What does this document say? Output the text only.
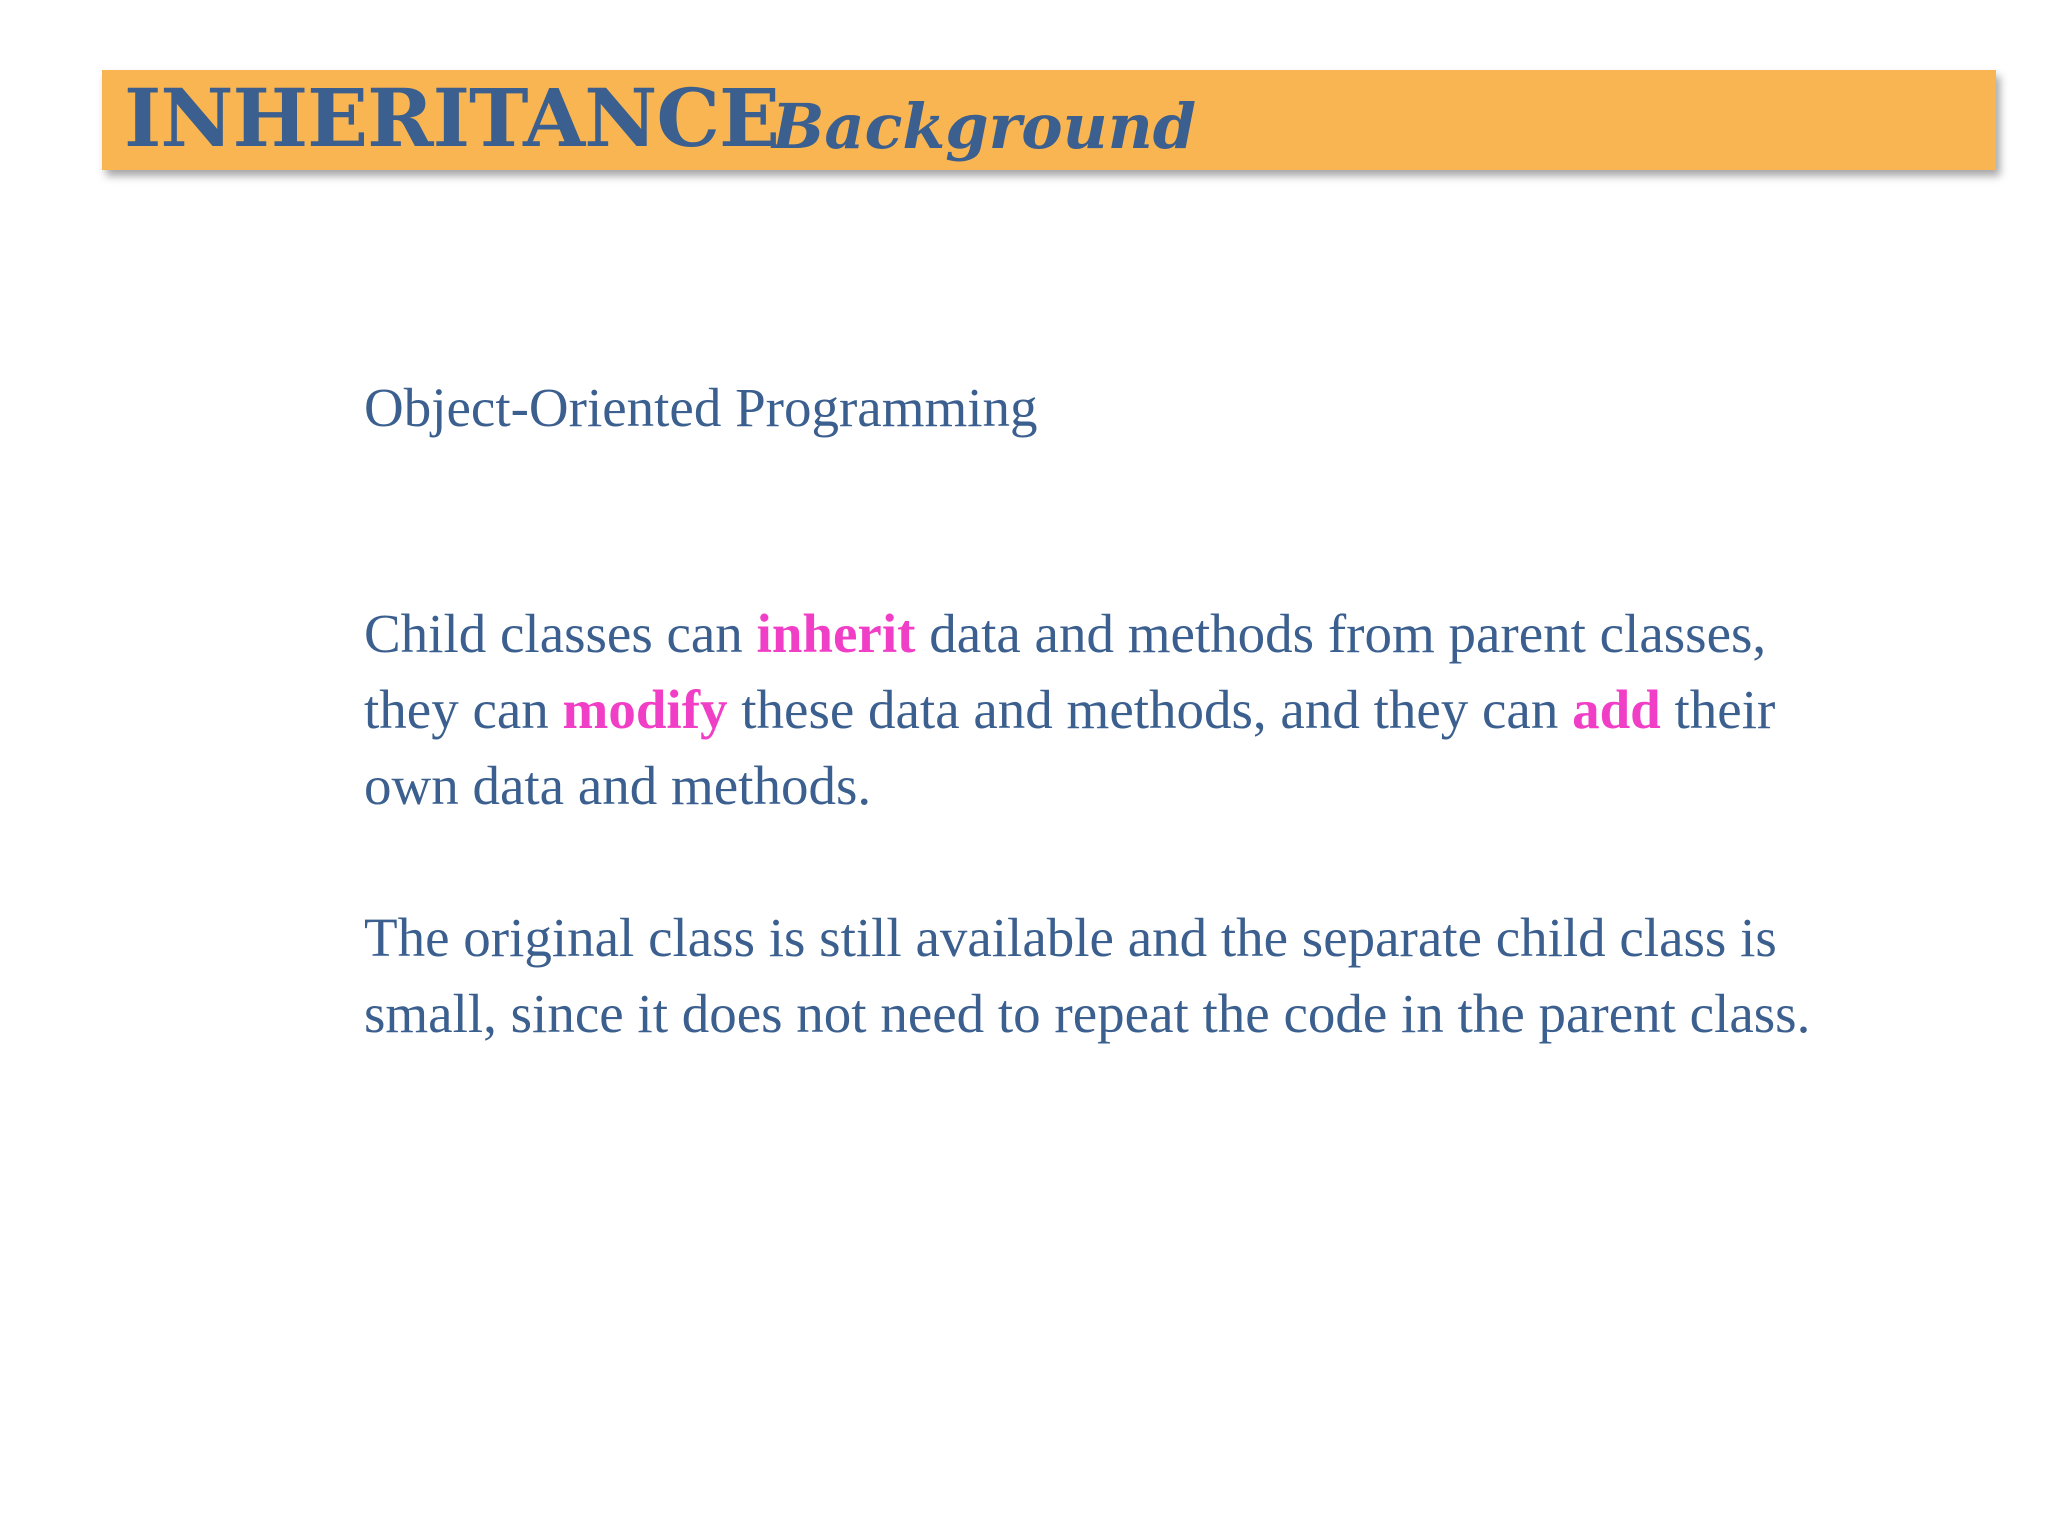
INHERITANCE
Background

Object-Oriented Programming

Child classes can inherit data and methods from parent classes, they can modify these data and methods, and they can add their own data and methods.

The original class is still available and the separate child class is small, since it does not need to repeat the code in the parent class.
